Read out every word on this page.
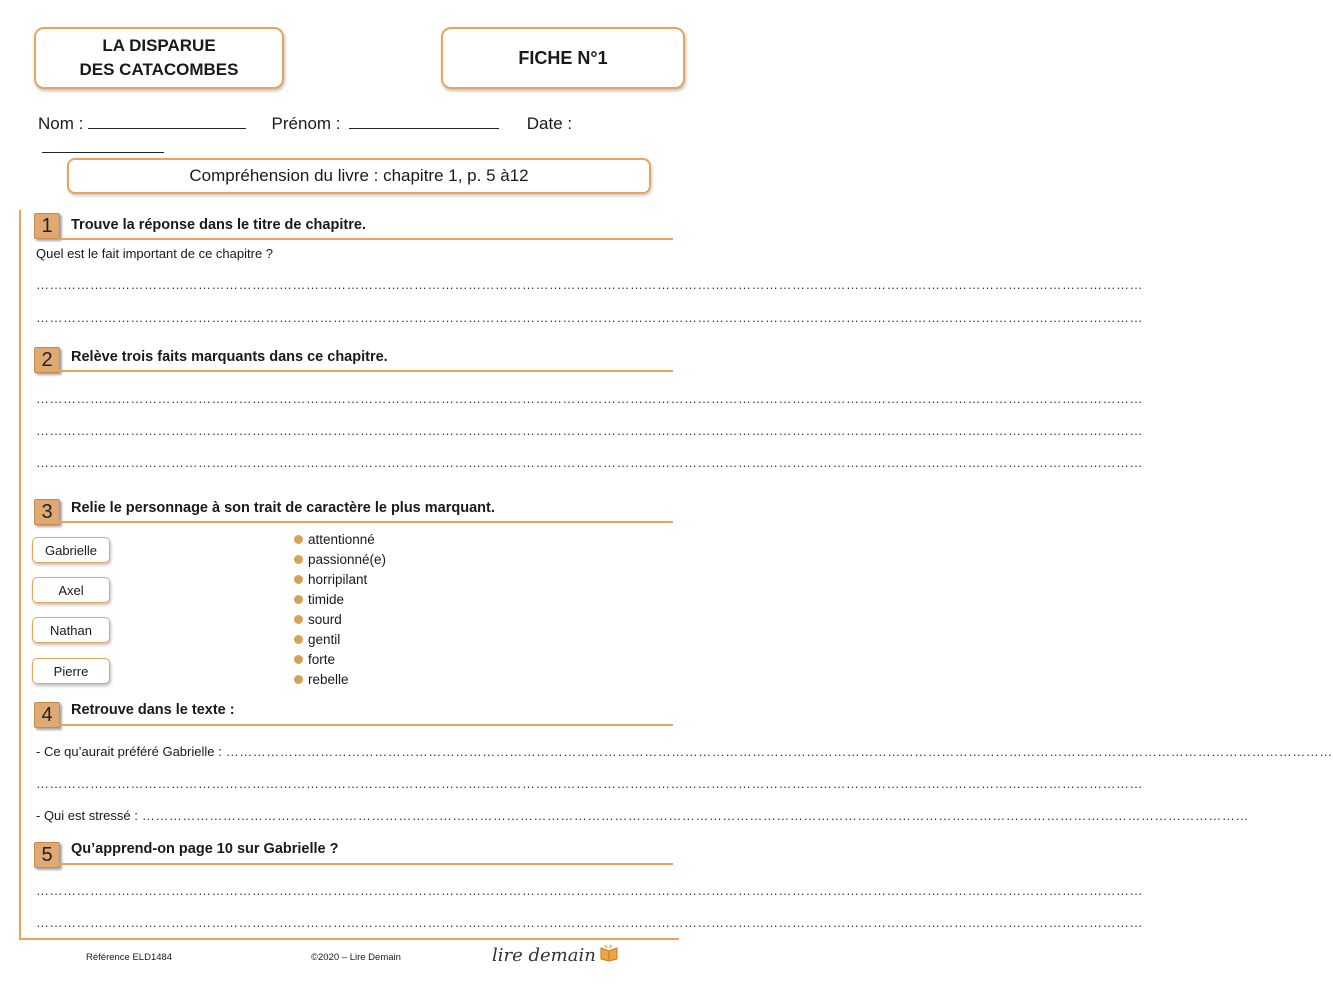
LA DISPARUE
DES CATACOMBES
FICHE N°1
Nom :	Prénom :	Date :
Compréhension du livre : chapitre 1, p. 5 à12
1	Trouve la réponse dans le titre de chapitre.
Quel est le fait important de ce chapitre ?
…………………………………………………………………………………………………………………………………………………………………………………………………………………………
…………………………………………………………………………………………………………………………………………………………………………………………………………………………
2	Relève trois faits marquants dans ce chapitre.
…………………………………………………………………………………………………………………………………………………………………………………………………………………………
…………………………………………………………………………………………………………………………………………………………………………………………………………………………
…………………………………………………………………………………………………………………………………………………………………………………………………………………………
3	Relie le personnage à son trait de caractère le plus marquant.
Gabrielle
Axel
Nathan
Pierre
attentionné
passionné(e)
horripilant
timide
sourd
gentil
forte
rebelle
4	Retrouve dans le texte :
- Ce qu’aurait préféré Gabrielle : …………………………………………………………………………………………………………………………………………………………………………………………………………………………
…………………………………………………………………………………………………………………………………………………………………………………………………………………………
- Qui est stressé : …………………………………………………………………………………………………………………………………………………………………………………………………………………………
5	Qu’apprend-on page 10 sur Gabrielle ?
…………………………………………………………………………………………………………………………………………………………………………………………………………………………
…………………………………………………………………………………………………………………………………………………………………………………………………………………………
Référence ELD1484	©2020 – Lire Demain	lire demain
